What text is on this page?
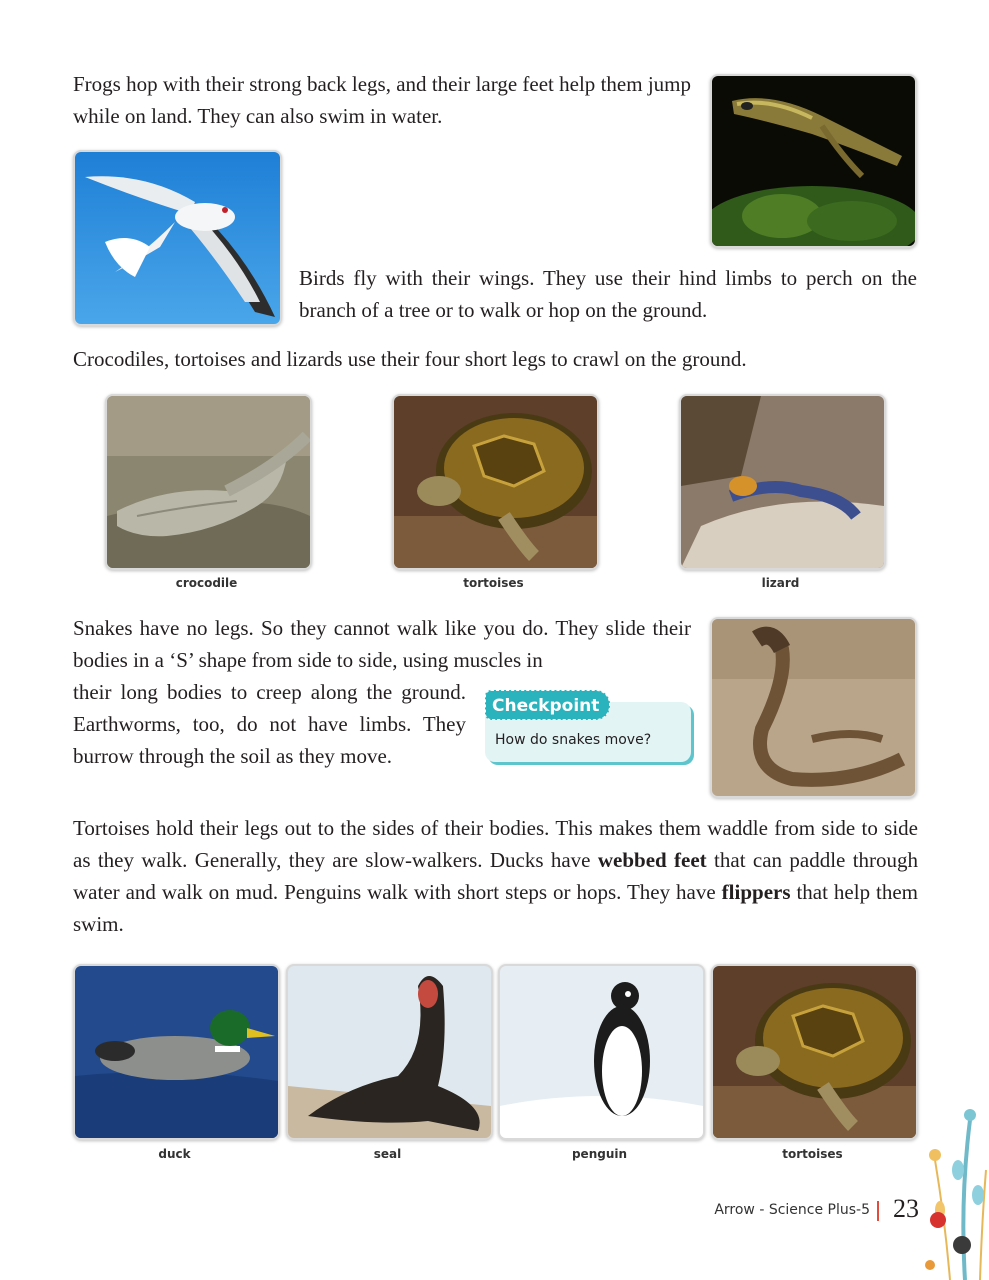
Frogs hop with their strong back legs, and their large feet help them jump while on land. They can also swim in water.

Birds fly with their wings. They use their hind limbs to perch on the branch of a tree or to walk or hop on the ground.

Crocodiles, tortoises and lizards use their four short legs to crawl on the ground.

crocodile	tortoises	lizard

Snakes have no legs. So they cannot walk like you do. They slide their bodies in a ‘S’ shape from side to side, using muscles in

their long bodies to creep along the ground. Earthworms, too, do not have limbs. They burrow through the soil as they move.

Checkpoint
How do snakes move?

Tortoises hold their legs out to the sides of their bodies. This makes them waddle from side to side as they walk. Generally, they are slow-walkers. Ducks have webbed feet that can paddle through water and walk on mud. Penguins walk with short steps or hops. They have flippers that help them swim.

duck	seal	penguin	tortoises
Arrow - Science Plus-5 23
